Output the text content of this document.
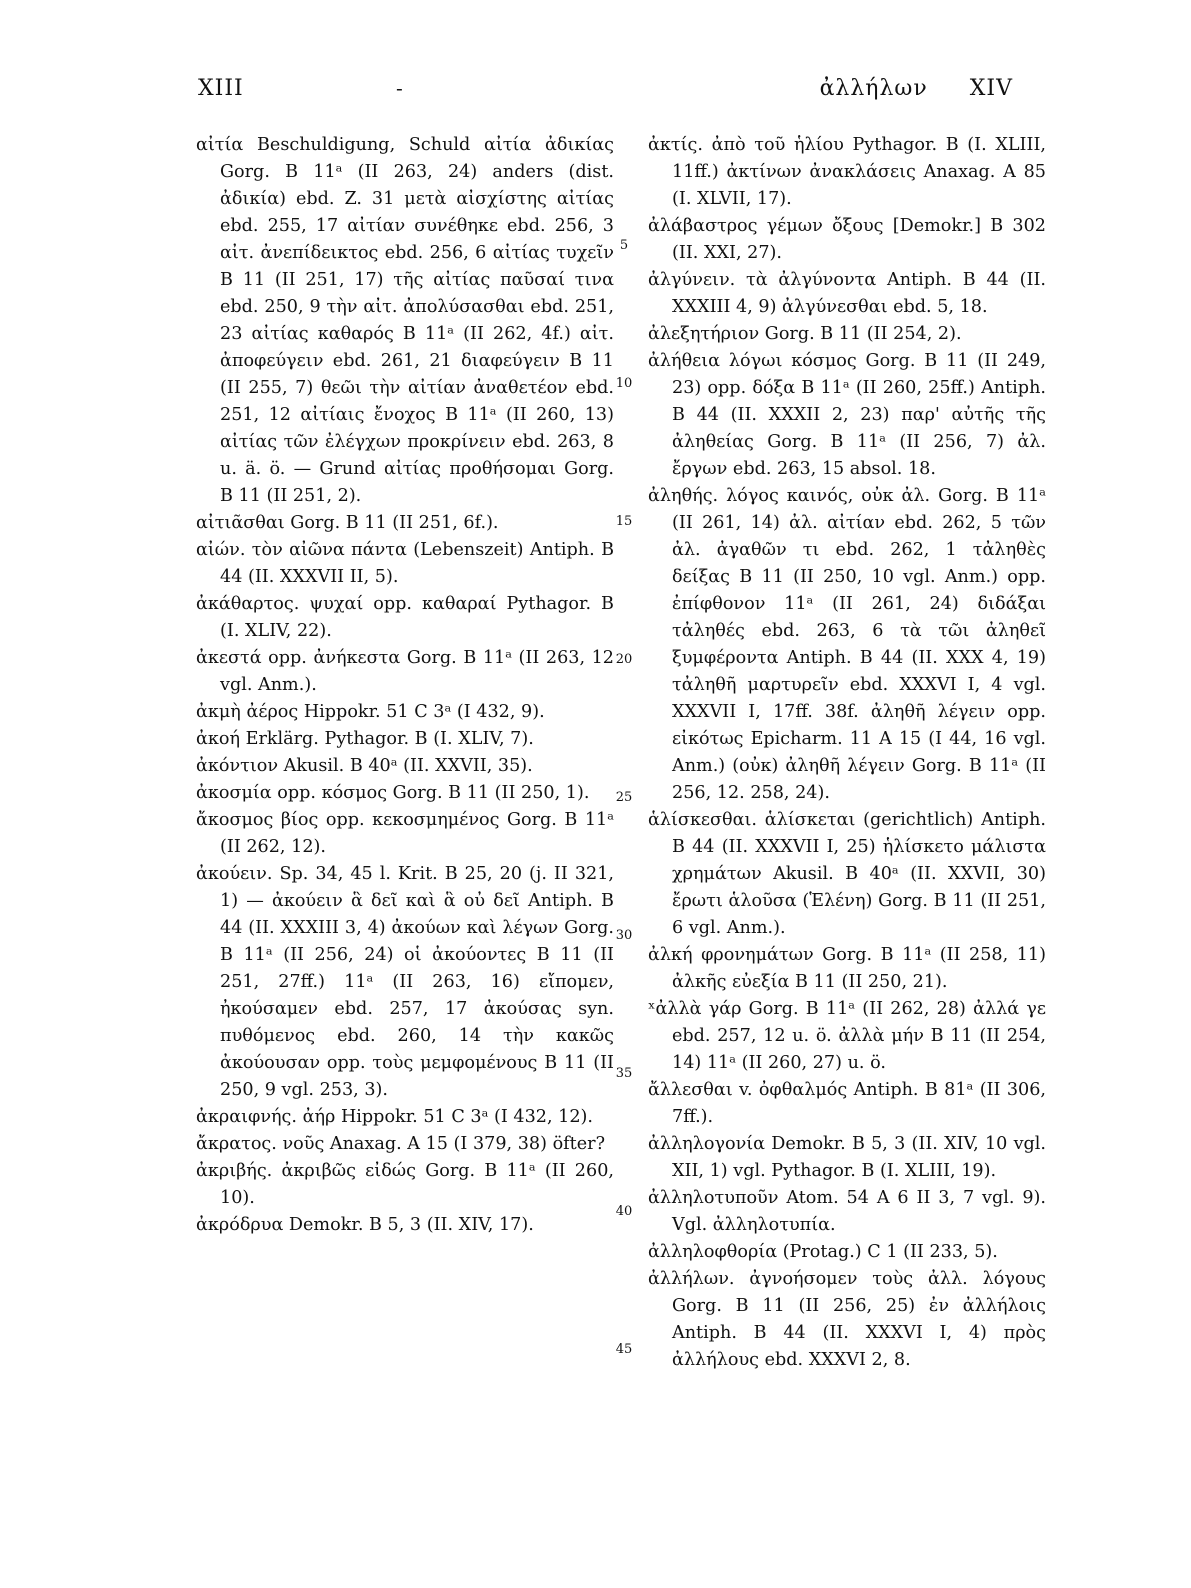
XIII	-	ἀλλήλων XIV

αἰτία Beschuldigung, Schuld αἰτία ἀδικίας Gorg. B 11ᵃ (II 263, 24) anders (dist. ἀδικία) ebd. Z. 31 μετὰ αἰσχίστης αἰτίας ebd. 255, 17 αἰτίαν συνέθηκε ebd. 256, 3 αἰτ. ἀνεπίδεικτος ebd. 256, 6 αἰτίας τυχεῖν B 11 (II 251, 17) τῆς αἰτίας παῦσαί τινα ebd. 250, 9 τὴν αἰτ. ἀπολύσασθαι ebd. 251, 23 αἰτίας καθαρός B 11ᵃ (II 262, 4f.) αἰτ. ἀποφεύγειν ebd. 261, 21 διαφεύγειν B 11 (II 255, 7) θεῶι τὴν αἰτίαν ἀναθετέον ebd. 251, 12 αἰτίαις ἔνοχος B 11ᵃ (II 260, 13) αἰτίας τῶν ἐλέγχων προκρίνειν ebd. 263, 8 u. ä. ö. — Grund αἰτίας προθήσομαι Gorg. B 11 (II 251, 2).

αἰτιᾶσθαι Gorg. B 11 (II 251, 6f.).

αἰών. τὸν αἰῶνα πάντα (Lebenszeit) Antiph. B 44 (II. XXXVII II, 5).

ἀκάθαρτος. ψυχαί opp. καθαραί Pythagor. B (I. XLIV, 22).

ἀκεστά opp. ἀνήκεστα Gorg. B 11ᵃ (II 263, 12 vgl. Anm.).

ἀκμὴ ἀέρος Hippokr. 51 C 3ᵃ (I 432, 9).

ἀκοή Erklärg. Pythagor. B (I. XLIV, 7).

ἀκόντιον Akusil. B 40ᵃ (II. XXVII, 35).

ἀκοσμία opp. κόσμος Gorg. B 11 (II 250, 1).

ἄκοσμος βίος opp. κεκοσμημένος Gorg. B 11ᵃ (II 262, 12).

ἀκούειν. Sp. 34, 45 l. Krit. B 25, 20 (j. II 321, 1) — ἀκούειν ἃ δεῖ καὶ ἃ οὐ δεῖ Antiph. B 44 (II. XXXIII 3, 4) ἀκούων καὶ λέγων Gorg. B 11ᵃ (II 256, 24) οἱ ἀκούοντες B 11 (II 251, 27ff.) 11ᵃ (II 263, 16) εἴπομεν, ἠκούσαμεν ebd. 257, 17 ἀκούσας syn. πυθόμενος ebd. 260, 14 τὴν κακῶς ἀκούουσαν opp. τοὺς μεμφομένους B 11 (II 250, 9 vgl. 253, 3).

ἀκραιφνής. ἀήρ Hippokr. 51 C 3ᵃ (I 432, 12).

ἄκρατος. νοῦς Anaxag. A 15 (I 379, 38) öfter?

ἀκριβής. ἀκριβῶς εἰδώς Gorg. B 11ᵃ (II 260, 10).

ἀκρόδρυα Demokr. B 5, 3 (II. XIV, 17).

ἀκτίς. ἀπὸ τοῦ ἡλίου Pythagor. B (I. XLIII, 11ff.) ἀκτίνων ἀνακλάσεις Anaxag. A 85 (I. XLVII, 17).

ἀλάβαστρος γέμων ὄξους [Demokr.] B 302 (II. XXI, 27).

ἀλγύνειν. τὰ ἀλγύνοντα Antiph. B 44 (II. XXXIII 4, 9) ἀλγύνεσθαι ebd. 5, 18.

ἀλεξητήριον Gorg. B 11 (II 254, 2).

ἀλήθεια λόγωι κόσμος Gorg. B 11 (II 249, 23) opp. δόξα B 11ᵃ (II 260, 25ff.) Antiph. B 44 (II. XXXII 2, 23) παρ' αὐτῆς τῆς ἀληθείας Gorg. B 11ᵃ (II 256, 7) ἀλ. ἔργων ebd. 263, 15 absol. 18.

ἀληθής. λόγος καινός, οὐκ ἀλ. Gorg. B 11ᵃ (II 261, 14) ἀλ. αἰτίαν ebd. 262, 5 τῶν ἀλ. ἀγαθῶν τι ebd. 262, 1 τἀληθὲς δείξας B 11 (II 250, 10 vgl. Anm.) opp. ἐπίφθονον 11ᵃ (II 261, 24) διδάξαι τἀληθές ebd. 263, 6 τὰ τῶι ἀληθεῖ ξυμφέροντα Antiph. B 44 (II. XXX 4, 19) τἀληθῆ μαρτυρεῖν ebd. XXXVI I, 4 vgl. XXXVII I, 17ff. 38f. ἀληθῆ λέγειν opp. εἰκότως Epicharm. 11 A 15 (I 44, 16 vgl. Anm.) (οὐκ) ἀληθῆ λέγειν Gorg. B 11ᵃ (II 256, 12. 258, 24).

ἁλίσκεσθαι. ἁλίσκεται (gerichtlich) Antiph. B 44 (II. XXXVII I, 25) ἡλίσκετο μάλιστα χρημάτων Akusil. B 40ᵃ (II. XXVII, 30) ἔρωτι ἁλοῦσα (Ἑλένη) Gorg. B 11 (II 251, 6 vgl. Anm.).

ἀλκή φρονημάτων Gorg. B 11ᵃ (II 258, 11) ἀλκῆς εὐεξία B 11 (II 250, 21).

ˣἀλλὰ γάρ Gorg. B 11ᵃ (II 262, 28) ἀλλά γε ebd. 257, 12 u. ö. ἀλλὰ μήν B 11 (II 254, 14) 11ᵃ (II 260, 27) u. ö.

ἄλλεσθαι v. ὀφθαλμός Antiph. B 81ᵃ (II 306, 7ff.).

ἀλληλογονία Demokr. B 5, 3 (II. XIV, 10 vgl. XII, 1) vgl. Pythagor. B (I. XLIII, 19).

ἀλληλοτυποῦν Atom. 54 A 6 II 3, 7 vgl. 9). Vgl. ἀλληλοτυπία.

ἀλληλοφθορία (Protag.) C 1 (II 233, 5).

ἀλλήλων. ἀγνοήσομεν τοὺς ἀλλ. λόγους Gorg. B 11 (II 256, 25) ἐν ἀλλήλοις Antiph. B 44 (II. XXXVI I, 4) πρὸς ἀλλήλους ebd. XXXVI 2, 8.

5
10
15
20
25
30
35
40
45
